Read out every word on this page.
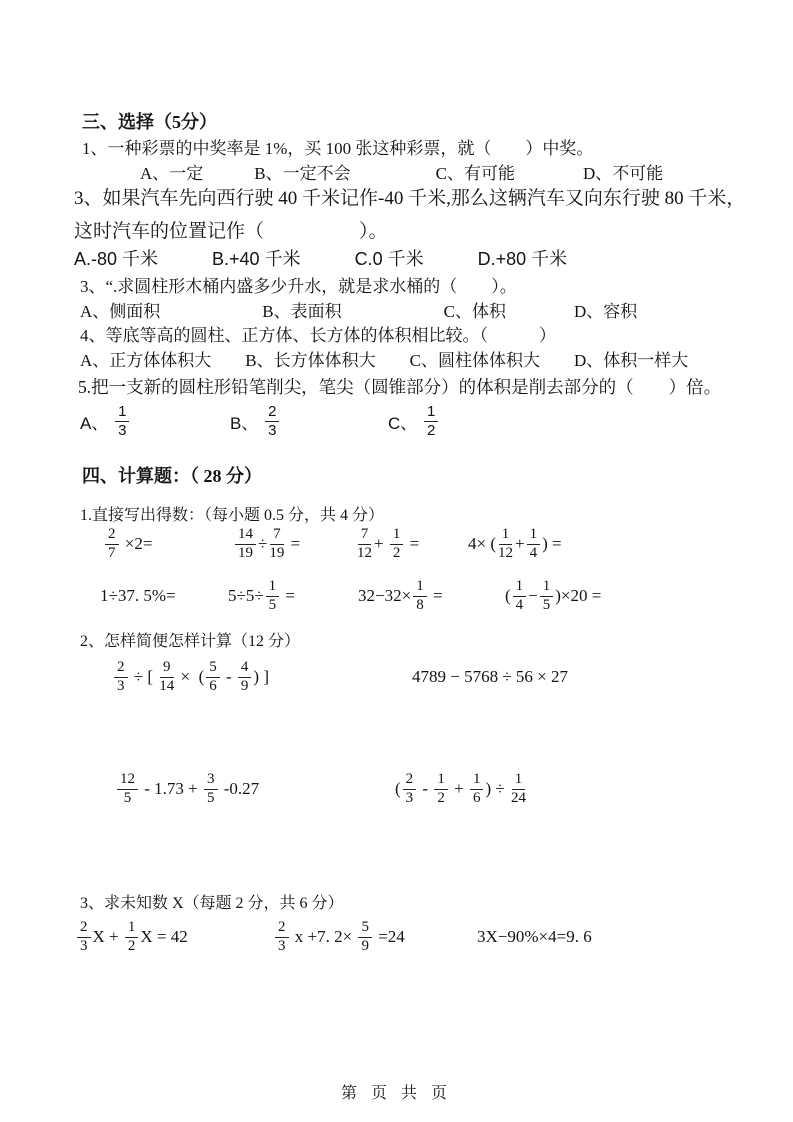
三、选择（5分）
1、一种彩票的中奖率是 1%，买 100 张这种彩票，就（　　）中奖。
A、一定　　　B、一定不会　　　　　C、有可能　　　　D、不可能
3、如果汽车先向西行驶 40 千米记作-40 千米,那么这辆汽车又向东行驶 80 千米，
这时汽车的位置记作（　　　　　）。
A.-80 千米　　　B.+40 千米　　　C.0 千米　　　D.+80 千米
3、“.求圆柱形木桶内盛多少升水，就是求水桶的（　　）。
A、侧面积　　　　　　B、表面积　　　　　　C、体积　　　　D、容积
4、等底等高的圆柱、正方体、长方体的体积相比较。（　　　）
A、正方体体积大　　B、长方体体积大　　C、圆柱体体积大　　D、体积一样大
5.把一支新的圆柱形铅笔削尖，笔尖（圆锥部分）的体积是削去部分的（　　）倍。
A、 $\frac{1}{3}$	B、 $\frac{2}{3}$	C、 $\frac{1}{2}$
四、计算题：（ 28 分）
1.直接写出得数：（每小题 0.5 分，共 4 分）
$\frac{2}{7} \times 2=$	$\frac{14}{19} \div \frac{7}{19}$ =	$\frac{7}{12} + \frac{1}{2}$ =	4× ( $\frac{1}{12} + \frac{1}{4}$ ) =
1÷37. 5%=	$5\div 5\div \frac{1}{5}$ =	$32-32\times \frac{1}{8}$ =	( $\frac{1}{4} - \frac{1}{5} )\times 20$ =
2、怎样简便怎样计算（12 分）
$\frac{2}{3}$ ÷ [ $\frac{9}{14}$ ×  ( $\frac{5}{6} - \frac{4}{9}$ ) ]	4789 − 5768 ÷ 56 × 27
$\frac{12}{5} - 1.73 + \frac{3}{5} -0.27$	( $\frac{2}{3} - \frac{1}{2} + \frac{1}{6}$ ) ÷ $\frac{1}{24}$
3、求未知数 X（每题 2 分，共 6 分）
$\frac{2}{3}$ $X + \frac{1}{2}$ X = 42	$\frac{2}{3}$ x +7. $2\times \frac{5}{9} =24$	3X−90%×4=9. 6
第 页 共 页
